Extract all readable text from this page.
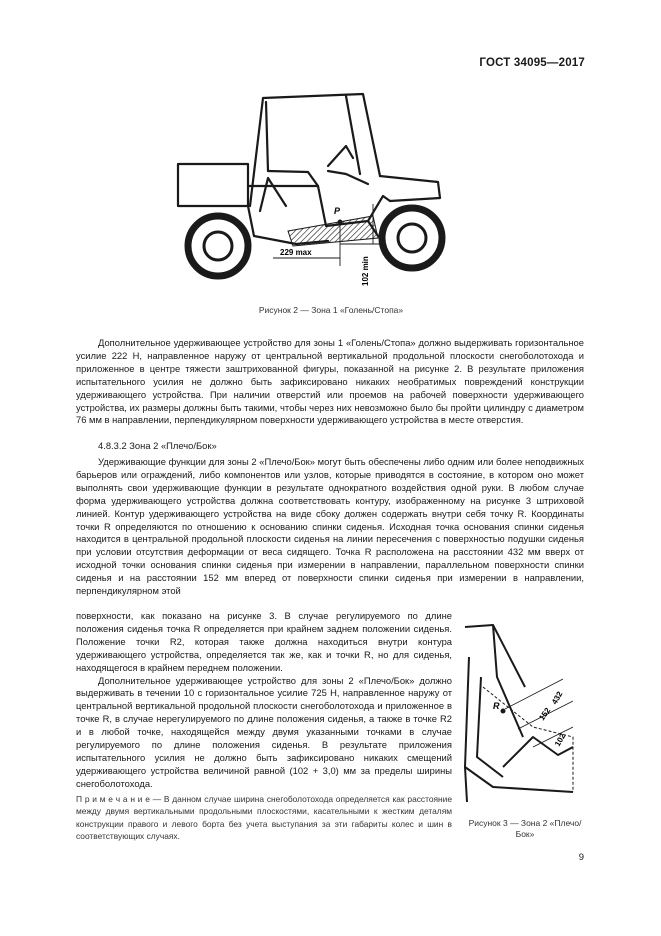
ГОСТ 34095—2017
P
229 max
102 min
Рисунок 2 — Зона 1 «Голень/Стопа»

Дополнительное удерживающее устройство для зоны 1 «Голень/Стопа» должно выдерживать горизонтальное усилие 222 Н, направленное наружу от центральной вертикальной продольной плоскости снегоболотохода и приложенное в центре тяжести заштрихованной фигуры, показанной на рисунке 2. В результате приложения испытательного усилия не должно быть зафиксировано никаких необратимых повреждений конструкции удерживающего устройства. При наличии отверстий или проемов на рабочей поверхности удерживающего устройства, их размеры должны быть такими, чтобы через них невозможно было бы пройти цилиндру с диаметром 76 мм в направлении, перпендикулярном поверхности удерживающего устройства в месте отверстия.

4.8.3.2 Зона 2 «Плечо/Бок»

Удерживающие функции для зоны 2 «Плечо/Бок» могут быть обеспечены либо одним или более неподвижных барьеров или ограждений, либо компонентов или узлов, которые приводятся в состояние, в котором оно может выполнять свои удерживающие функции в результате однократного воздействия одной руки. В любом случае форма удерживающего устройства должна соответствовать контуру, изображенному на рисунке 3 штриховой линией. Контур удерживающего устройства на виде сбоку должен содержать внутри себя точку R. Координаты точки R определяются по отношению к основанию спинки сиденья. Исходная точка основания спинки сиденья находится в центральной продольной плоскости сиденья на линии пересечения с поверхностью подушки сиденья при условии отсутствия деформации от веса сидящего. Точка R расположена на расстоянии 432 мм вверх от исходной точки основания спинки сиденья при измерении в направлении, параллельном поверхности спинки сиденья и на расстоянии 152 мм вперед от поверхности спинки сиденья при измерении в направлении, перпендикулярном этой

поверхности, как показано на рисунке 3. В случае регулируемого по длине положения сиденья точка R определяется при крайнем заднем положении сиденья. Положение точки R2, которая также должна находиться внутри контура удерживающего устройства, определяется так же, как и точки R, но для сиденья, находящегося в крайнем переднем положении.

Дополнительное удерживающее устройство для зоны 2 «Плечо/Бок» должно выдерживать в течении 10 с горизонтальное усилие 725 Н, направленное наружу от центральной вертикальной продольной плоскости снегоболотохода и приложенное в точке R, в случае нерегулируемого по длине положения сиденья, а также в точке R2 и в любой точке, находящейся между двумя указанными точками в случае регулируемого по длине положения сиденья. В результате приложения испытательного усилия не должно быть зафиксировано никаких смещений удерживающего устройства величиной равной (102 + 3,0) мм за пределы ширины снегоболотохода.

R	432
152
102
Рисунок 3 — Зона 2 «Плечо/Бок»
П р и м е ч а н и е — В данном случае ширина снегоболотохода определяется как расстояние между двумя вертикальными продольными плоскостями, касательными к жестким деталям конструкции правого и левого борта без учета выступания за эти габариты колес и шин в соответствующих случаях.
9
